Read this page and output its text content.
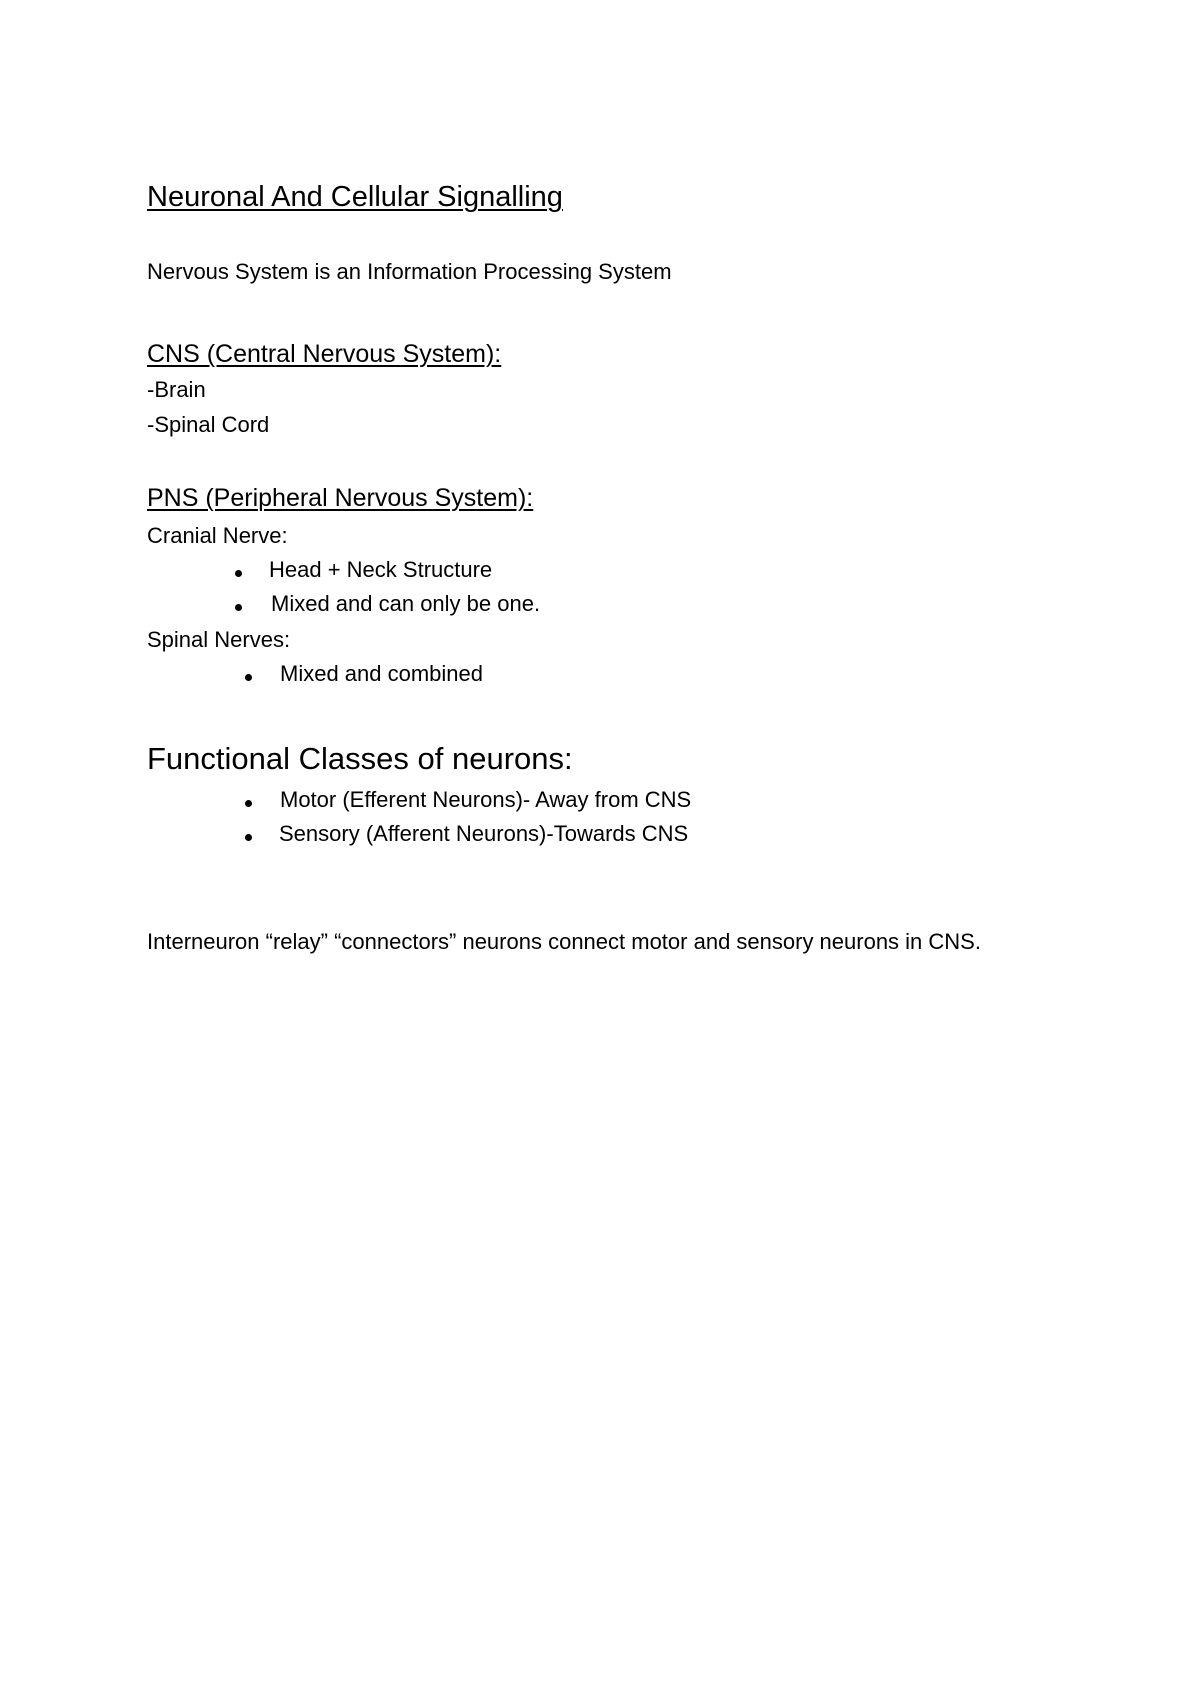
Neuronal And Cellular Signalling

Nervous System is an Information Processing System

CNS (Central Nervous System):

-Brain

-Spinal Cord

PNS (Peripheral Nervous System):

Cranial Nerve:

Head + Neck Structure

Mixed and can only be one.

Spinal Nerves:

Mixed and combined

Functional Classes of neurons:

Motor (Efferent Neurons)- Away from CNS

Sensory (Afferent Neurons)-Towards CNS

Interneuron “relay” “connectors” neurons connect motor and sensory neurons in CNS.
